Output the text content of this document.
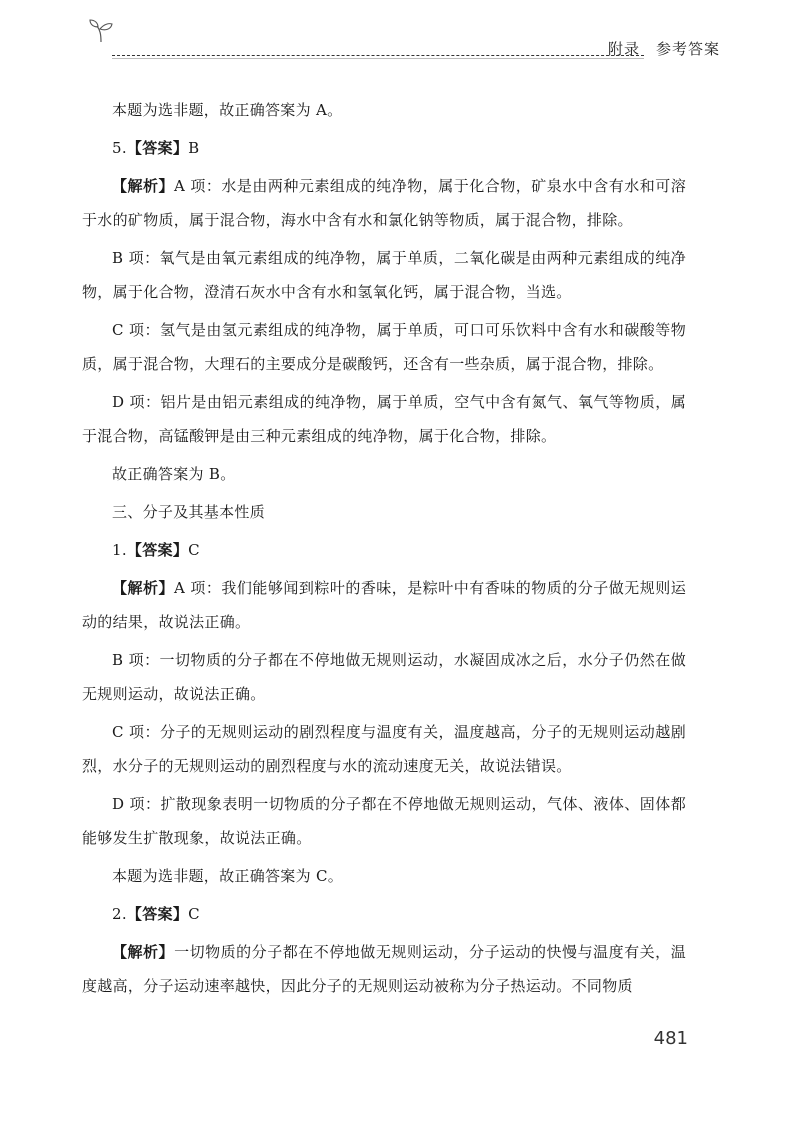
附录　参考答案

本题为选非题，故正确答案为 A。

5.【答案】B

【解析】A 项：水是由两种元素组成的纯净物，属于化合物，矿泉水中含有水和可溶于水的矿物质，属于混合物，海水中含有水和氯化钠等物质，属于混合物，排除。

B 项：氧气是由氧元素组成的纯净物，属于单质，二氧化碳是由两种元素组成的纯净物，属于化合物，澄清石灰水中含有水和氢氧化钙，属于混合物，当选。

C 项：氢气是由氢元素组成的纯净物，属于单质，可口可乐饮料中含有水和碳酸等物质，属于混合物，大理石的主要成分是碳酸钙，还含有一些杂质，属于混合物，排除。

D 项：铝片是由铝元素组成的纯净物，属于单质，空气中含有氮气、氧气等物质，属于混合物，高锰酸钾是由三种元素组成的纯净物，属于化合物，排除。

故正确答案为 B。

三、分子及其基本性质

1.【答案】C

【解析】A 项：我们能够闻到粽叶的香味，是粽叶中有香味的物质的分子做无规则运动的结果，故说法正确。

B 项：一切物质的分子都在不停地做无规则运动，水凝固成冰之后，水分子仍然在做无规则运动，故说法正确。

C 项：分子的无规则运动的剧烈程度与温度有关，温度越高，分子的无规则运动越剧烈，水分子的无规则运动的剧烈程度与水的流动速度无关，故说法错误。

D 项：扩散现象表明一切物质的分子都在不停地做无规则运动，气体、液体、固体都能够发生扩散现象，故说法正确。

本题为选非题，故正确答案为 C。

2.【答案】C

【解析】一切物质的分子都在不停地做无规则运动，分子运动的快慢与温度有关，温度越高，分子运动速率越快，因此分子的无规则运动被称为分子热运动。不同物质

481
